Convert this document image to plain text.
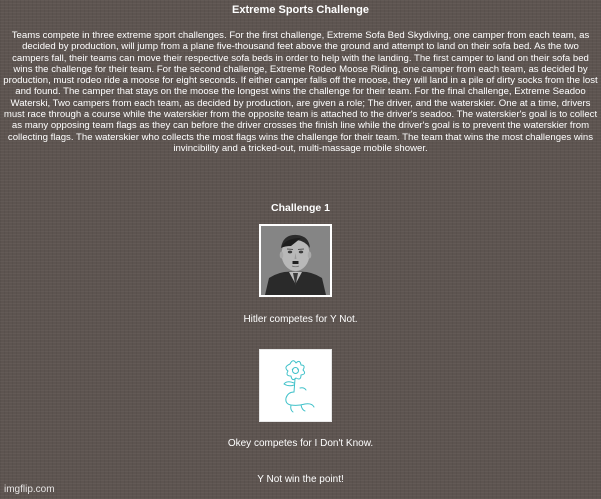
Extreme Sports Challenge

Teams compete in three extreme sport challenges. For the first challenge, Extreme Sofa Bed Skydiving, one camper from each team, as decided by production, will jump from a plane five-thousand feet above the ground and attempt to land on their sofa bed. As the two campers fall, their teams can move their respective sofa beds in order to help with the landing. The first camper to land on their sofa bed wins the challenge for their team. For the second challenge, Extreme Rodeo Moose Riding, one camper from each team, as decided by production, must rodeo ride a moose for eight seconds. If either camper falls off the moose, they will land in a pile of dirty socks from the lost and found. The camper that stays on the moose the longest wins the challenge for their team. For the final challenge, Extreme Seadoo Waterski, Two campers from each team, as decided by production, are given a role; The driver, and the waterskier. One at a time, drivers must race through a course while the waterskier from the opposite team is attached to the driver's seadoo. The waterskier's goal is to collect as many opposing team flags as they can before the driver crosses the finish line while the driver's goal is to prevent the waterskier from collecting flags. The waterskier who collects the most flags wins the challenge for their team. The team that wins the most challenges wins invincibility and a tricked-out, multi-massage mobile shower.

Challenge 1
Hitler competes for Y Not.
Okey competes for I Don't Know.
Y Not win the point!
imgflip.com
